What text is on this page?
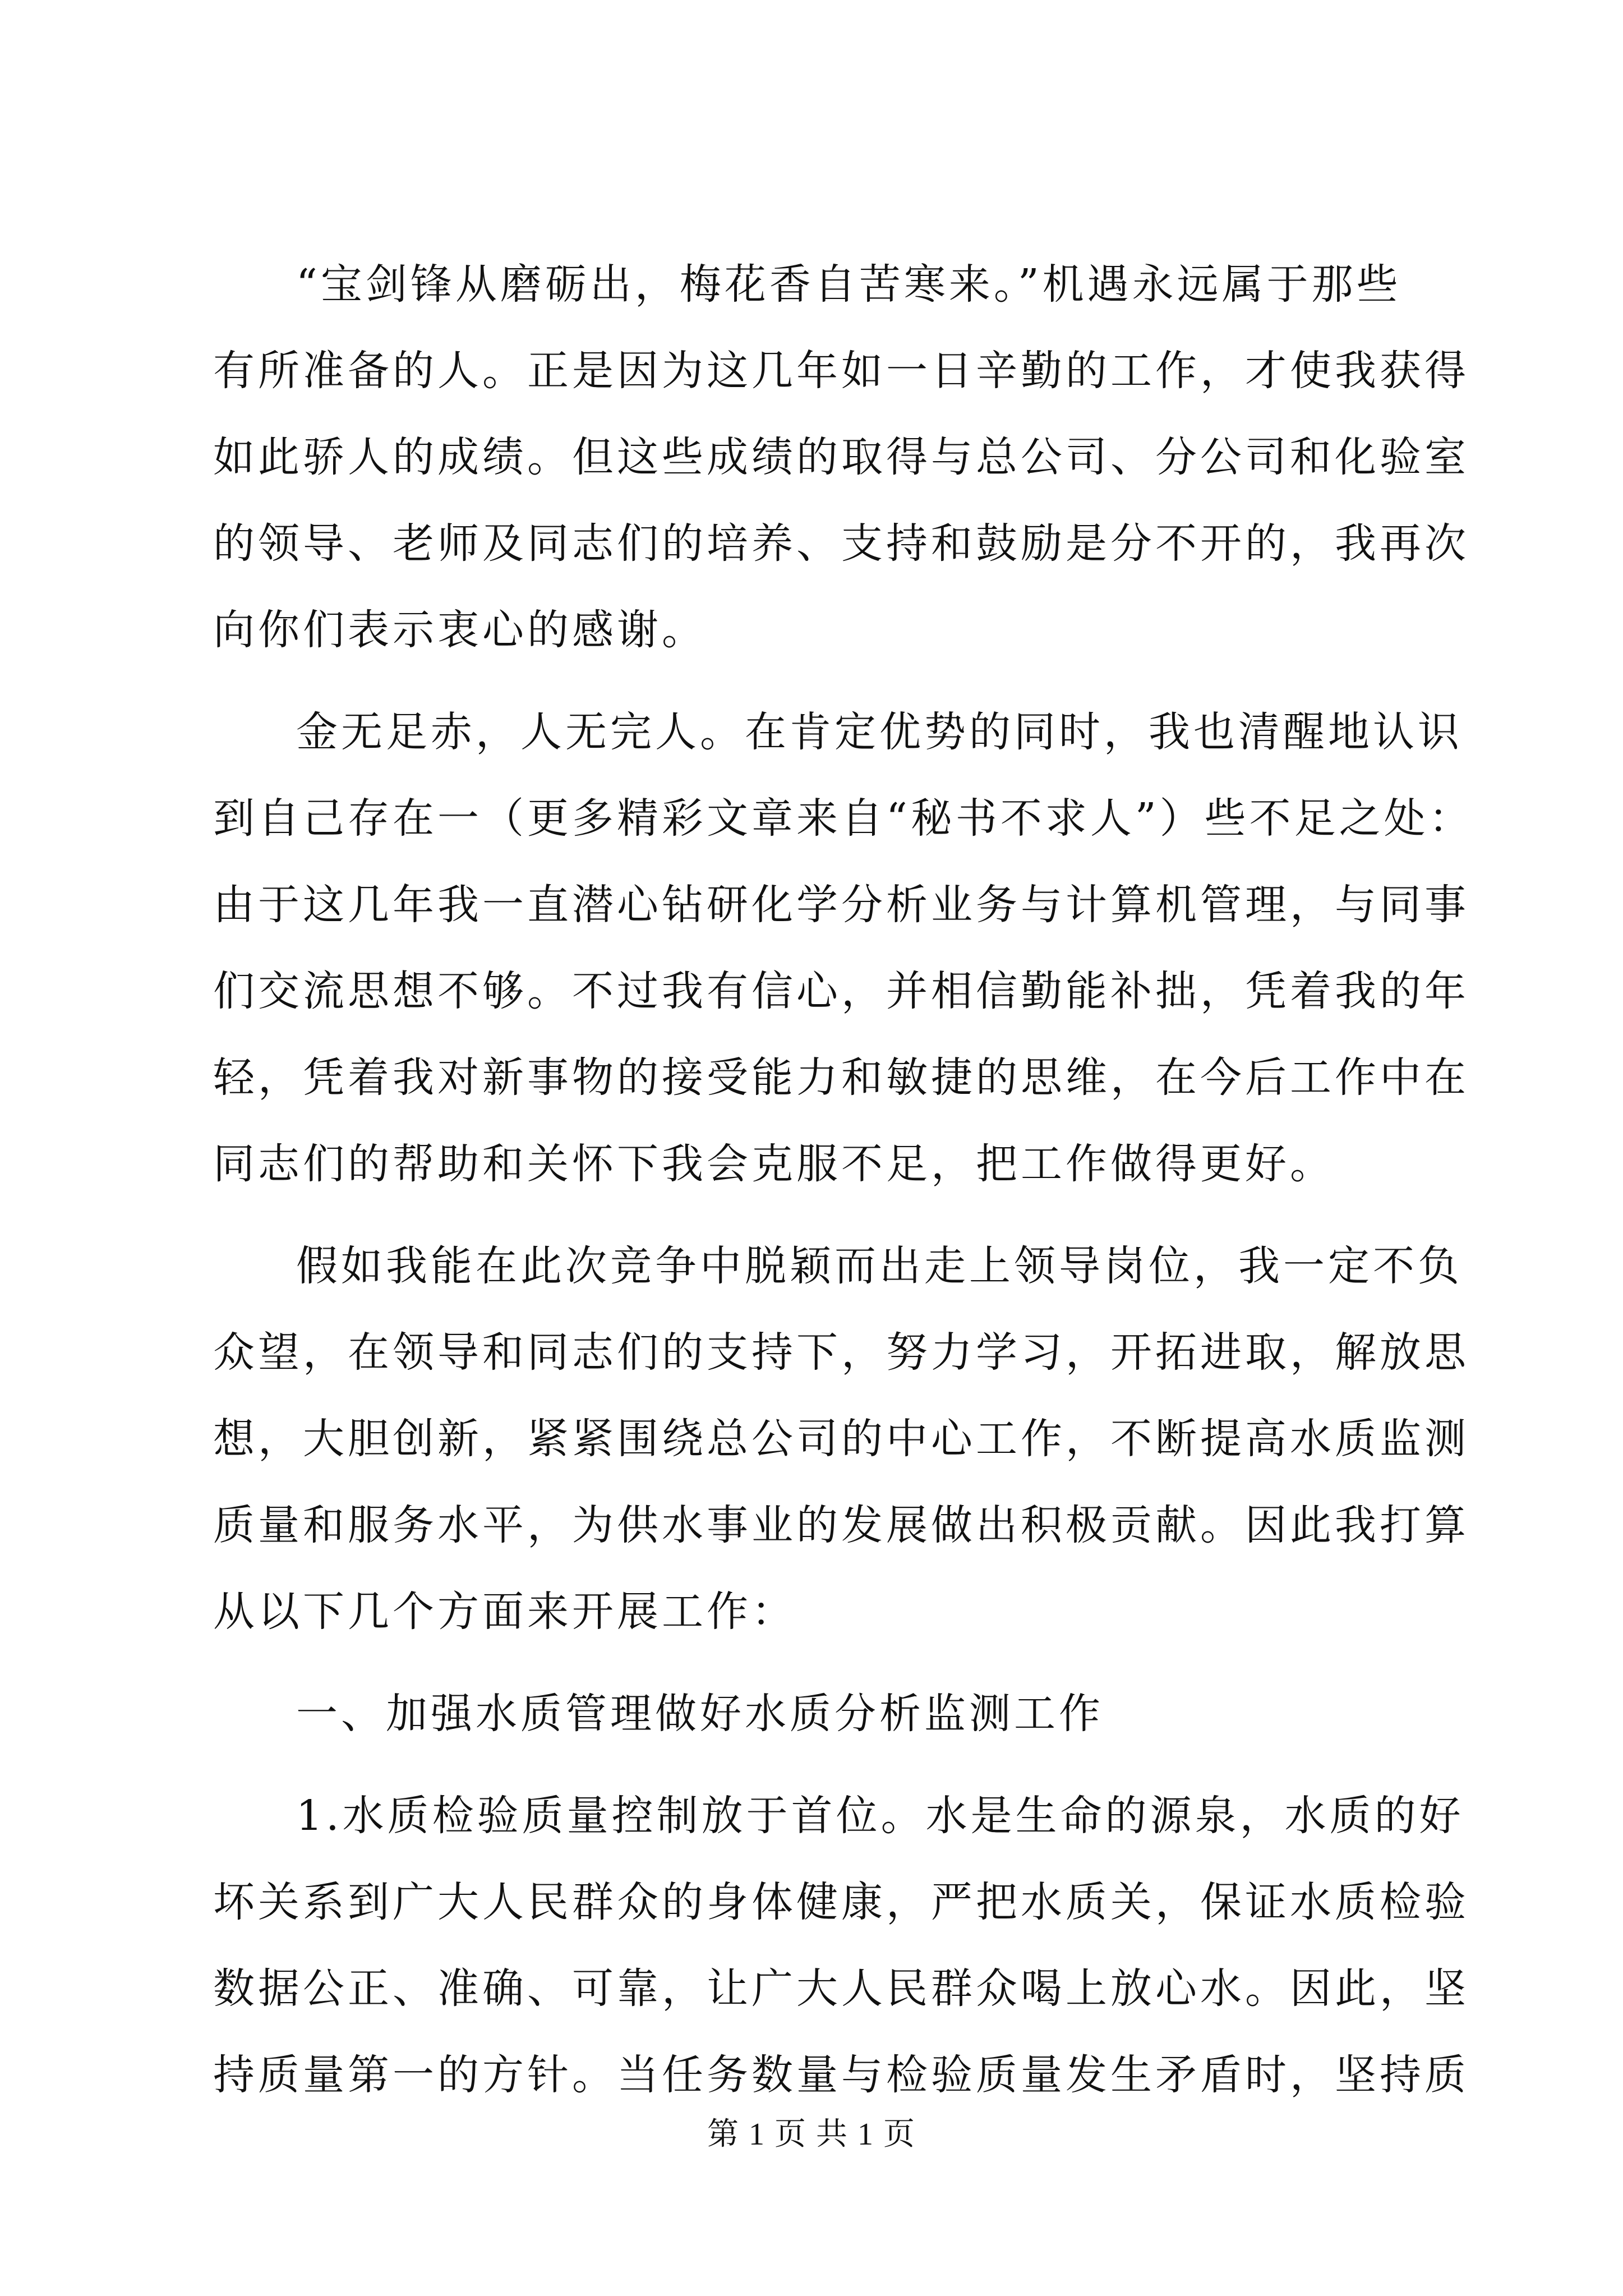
“宝剑锋从磨砺出，梅花香自苦寒来。”机遇永远属于那些
有所准备的人。正是因为这几年如一日辛勤的工作，才使我获得
如此骄人的成绩。但这些成绩的取得与总公司、分公司和化验室
的领导、老师及同志们的培养、支持和鼓励是分不开的，我再次
向你们表示衷心的感谢。
金无足赤，人无完人。在肯定优势的同时，我也清醒地认识
到自己存在一（更多精彩文章来自“秘书不求人”）些不足之处：
由于这几年我一直潜心钻研化学分析业务与计算机管理，与同事
们交流思想不够。不过我有信心，并相信勤能补拙，凭着我的年
轻，凭着我对新事物的接受能力和敏捷的思维，在今后工作中在
同志们的帮助和关怀下我会克服不足，把工作做得更好。
假如我能在此次竞争中脱颖而出走上领导岗位，我一定不负
众望，在领导和同志们的支持下，努力学习，开拓进取，解放思
想，大胆创新，紧紧围绕总公司的中心工作，不断提高水质监测
质量和服务水平，为供水事业的发展做出积极贡献。因此我打算
从以下几个方面来开展工作：
一、加强水质管理做好水质分析监测工作
1.水质检验质量控制放于首位。水是生命的源泉，水质的好
坏关系到广大人民群众的身体健康，严把水质关，保证水质检验
数据公正、准确、可靠，让广大人民群众喝上放心水。因此，坚
持质量第一的方针。当任务数量与检验质量发生矛盾时，坚持质
第 1 页 共 1 页
